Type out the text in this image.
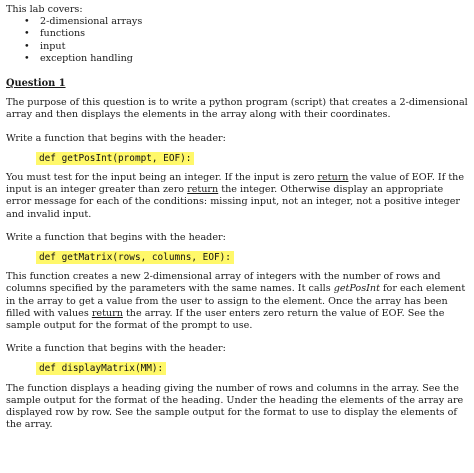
This lab covers:

• 2-dimensional arrays
• functions
• input
• exception handling
Question 1

The purpose of this question is to write a python program (script) that creates a 2-dimensional array and then displays the elements in the array along with their coordinates.

Write a function that begins with the header:

def getPosInt(prompt, EOF):

You must test for the input being an integer. If the input is zero return the value of EOF. If the input is an integer greater than zero return the integer. Otherwise display an appropriate error message for each of the conditions: missing input, not an integer, not a positive integer and invalid input.

Write a function that begins with the header:

def getMatrix(rows, columns, EOF):

This function creates a new 2-dimensional array of integers with the number of rows and columns specified by the parameters with the same names. It calls getPosInt for each element in the array to get a value from the user to assign to the element. Once the array has been filled with values return the array. If the user enters zero return the value of EOF. See the sample output for the format of the prompt to use.

Write a function that begins with the header:

def displayMatrix(MM):

The function displays a heading giving the number of rows and columns in the array. See the sample output for the format of the heading. Under the heading the elements of the array are displayed row by row. See the sample output for the format to use to display the elements of the array.
